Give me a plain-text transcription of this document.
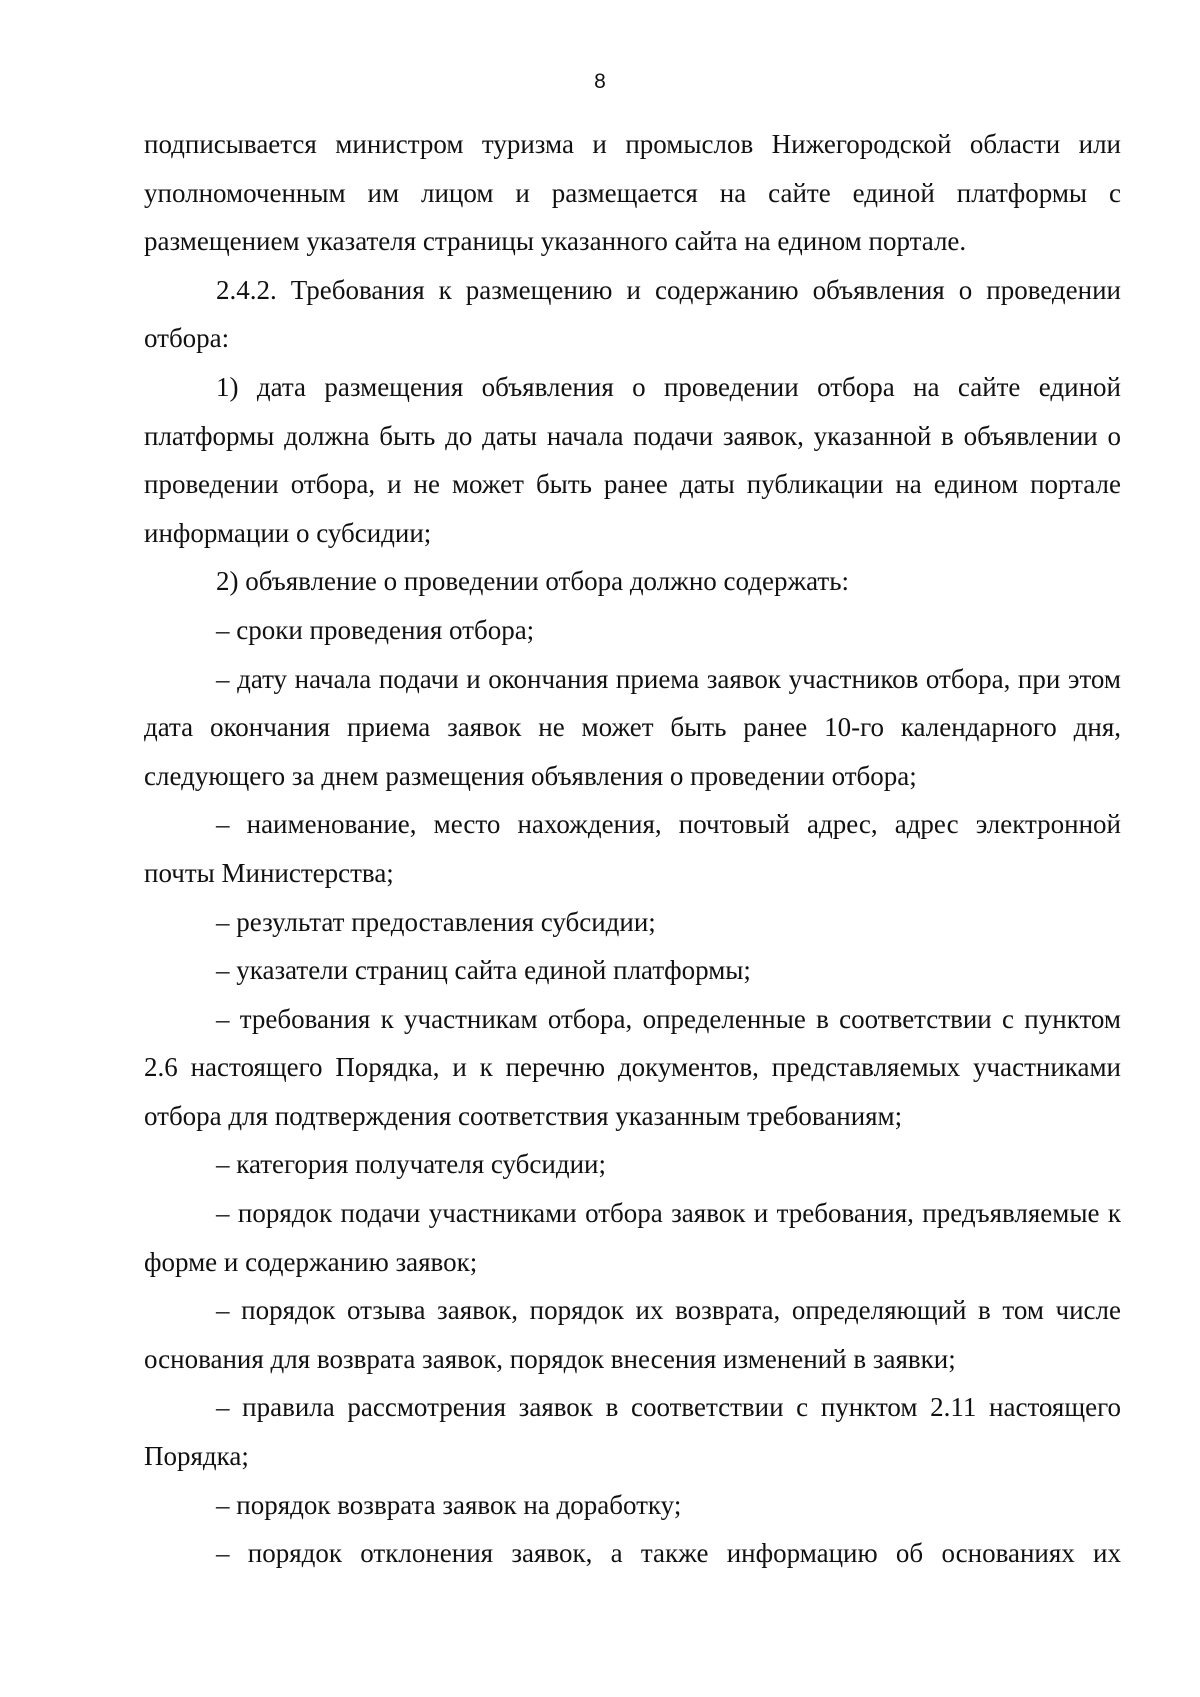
8

подписывается министром туризма и промыслов Нижегородской области или уполномоченным им лицом и размещается на сайте единой платформы с размещением указателя страницы указанного сайта на едином портале.

2.4.2. Требования к размещению и содержанию объявления о проведении отбора:

1) дата размещения объявления о проведении отбора на сайте единой платформы должна быть до даты начала подачи заявок, указанной в объявлении о проведении отбора, и не может быть ранее даты публикации на едином портале информации о субсидии;

2) объявление о проведении отбора должно содержать:

– сроки проведения отбора;

– дату начала подачи и окончания приема заявок участников отбора, при этом дата окончания приема заявок не может быть ранее 10-го календарного дня, следующего за днем размещения объявления о проведении отбора;

– наименование, место нахождения, почтовый адрес, адрес электронной почты Министерства;

– результат предоставления субсидии;

– указатели страниц сайта единой платформы;

– требования к участникам отбора, определенные в соответствии с пунктом 2.6 настоящего Порядка, и к перечню документов, представляемых участниками отбора для подтверждения соответствия указанным требованиям;

– категория получателя субсидии;

– порядок подачи участниками отбора заявок и требования, предъявляемые к форме и содержанию заявок;

– порядок отзыва заявок, порядок их возврата, определяющий в том числе основания для возврата заявок, порядок внесения изменений в заявки;

– правила рассмотрения заявок в соответствии с пунктом 2.11 настоящего Порядка;

– порядок возврата заявок на доработку;

– порядок отклонения заявок, а также информацию об основаниях их
